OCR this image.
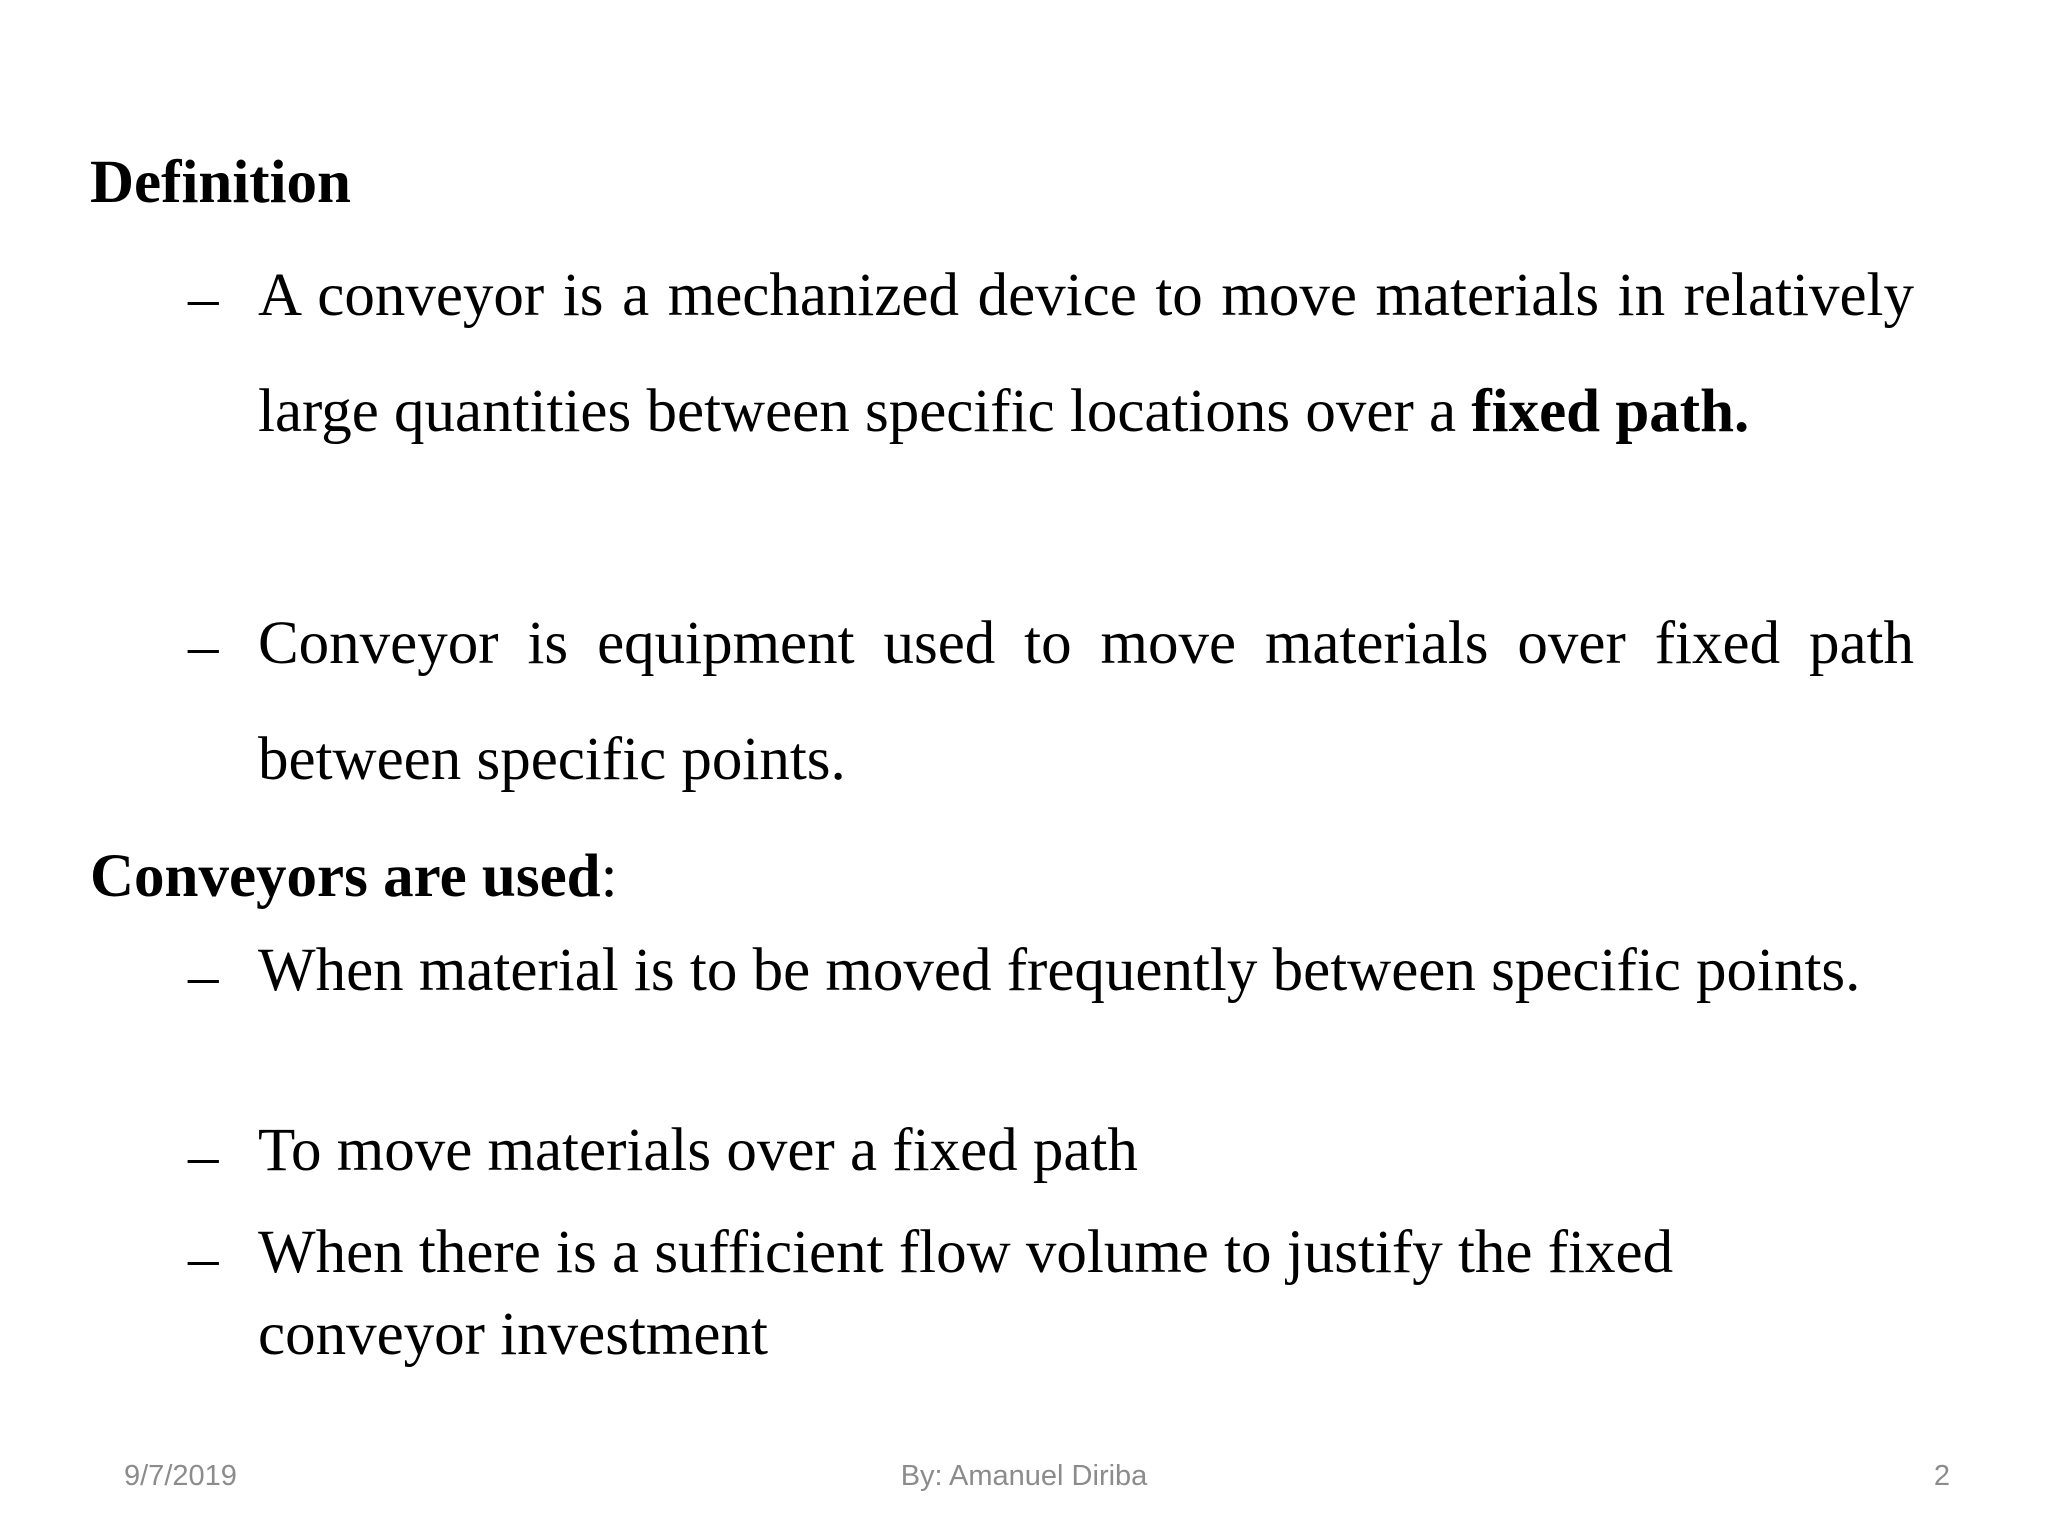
Definition
– A conveyor is a mechanized device to move materials in relatively large quantities between specific locations over a fixed path.
– Conveyor is equipment used to move materials over fixed path between specific points.
Conveyors are used:
– When material is to be moved frequently between specific points.
– To move materials over a fixed path
– When there is a sufficient flow volume to justify the fixed conveyor investment
9/7/2019	By: Amanuel Diriba	2
